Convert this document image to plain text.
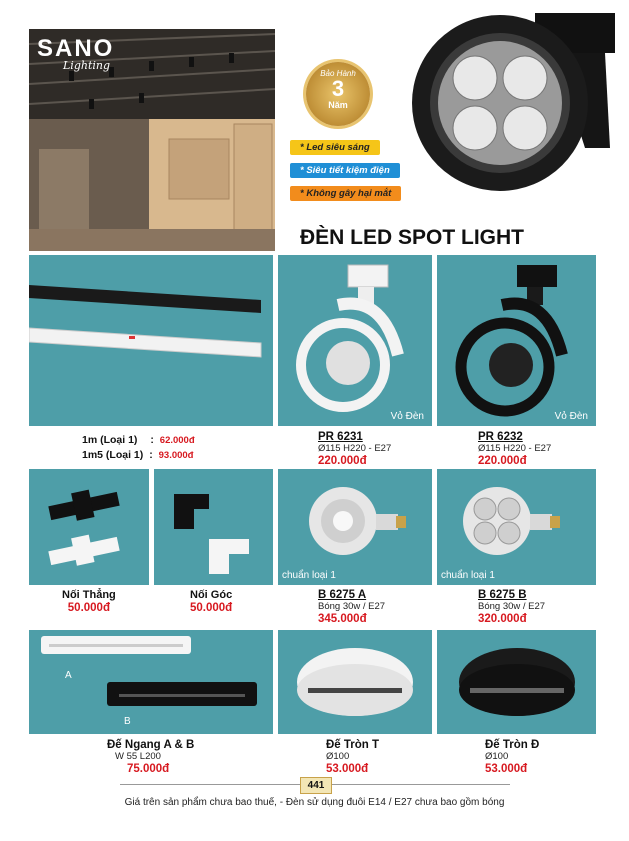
SANO
Lighting
Bảo Hành
3
Năm
* Led siêu sáng
* Siêu tiết kiệm điện
* Không gây hại mắt
ĐÈN LED SPOT LIGHT
Vỏ Đèn	Vỏ Đèn
1m (Loại 1) : 62.000đ
1m5 (Loại 1) : 93.000đ
PR 6231
Ø115 H220 - E27
220.000đ
PR 6232
Ø115 H220 - E27
220.000đ
chuẩn loại 1	chuẩn loại 1
Nối Thẳng
50.000đ
Nối Góc
50.000đ
B 6275 A
Bóng 30w / E27
345.000đ
B 6275 B
Bóng 30w / E27
320.000đ
A
B
Đế Ngang A & B
W 55 L200
75.000đ
Đế Tròn T
Ø100
53.000đ
Đế Tròn Đ
Ø100
53.000đ
441
Giá trên sản phẩm chưa bao thuế, - Đèn sử dụng đuôi E14 / E27 chưa bao gồm bóng
